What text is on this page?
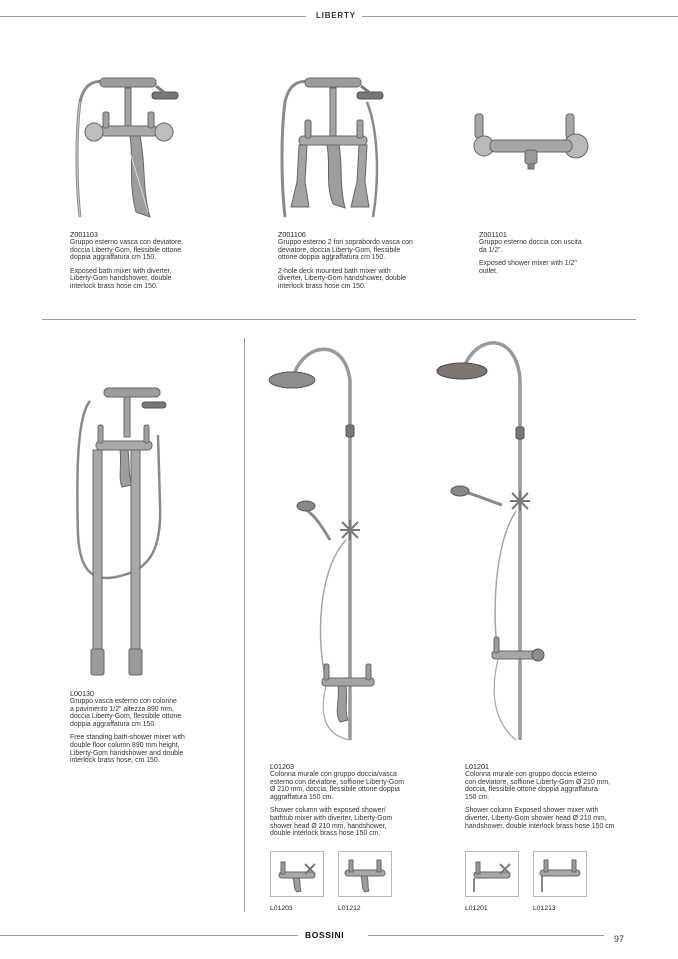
LIBERTY
Z001103

Gruppo esterno vasca con deviatore,
doccia Liberty-Gom, flessibile ottone
doppia aggraffatura cm 150.

Exposed bath mixer with diverter,
Liberty-Gom handshower, double
interlock brass hose cm 150.

Z001106

Gruppo esterno 2 fori soprabordo vasca con
deviatore, doccia Liberty-Gom, flessibile
ottone doppia aggraffatura cm 150.

2-hole deck mounted bath mixer with
diverter, Liberty-Gom handshower, double
interlock brass hose cm 150.

Z001101

Gruppo esterno doccia con uscita
da 1/2".

Exposed shower mixer with 1/2"
outlet.

L00130

Gruppo vasca esterno con colonne
a pavimento 1/2" altezza 890 mm,
doccia Liberty-Gom, flessibile ottone
doppia aggraffatura cm 150.

Free standing bath-shower mixer with
double floor column 890 mm height,
Liberty-Gom handshower and double
interlock brass hose, cm 150.

L01203

Colonna murale con gruppo doccia/vasca
esterno con deviatore, soffione Liberty-Gom
Ø 210 mm, doccia, flessibile ottone doppia
aggraffatura 150 cm.

Shower column with exposed shower/
bathtub mixer with diverter, Liberty-Gom
shower head Ø 210 mm, handshower,
double interlock brass hose 150 cm.

L01201

Colonna murale con gruppo doccia esterno
con deviatore, soffione Liberty-Gom Ø 210 mm,
doccia, flessibile ottone doppia aggraffatura
150 cm.

Shower column Exposed shower mixer with
diverter, Liberty-Gom shower head Ø 210 mm,
handshower, double interlock brass hose 150 cm

L01203	L01212	L01201	L01213
BOSSINI	97
